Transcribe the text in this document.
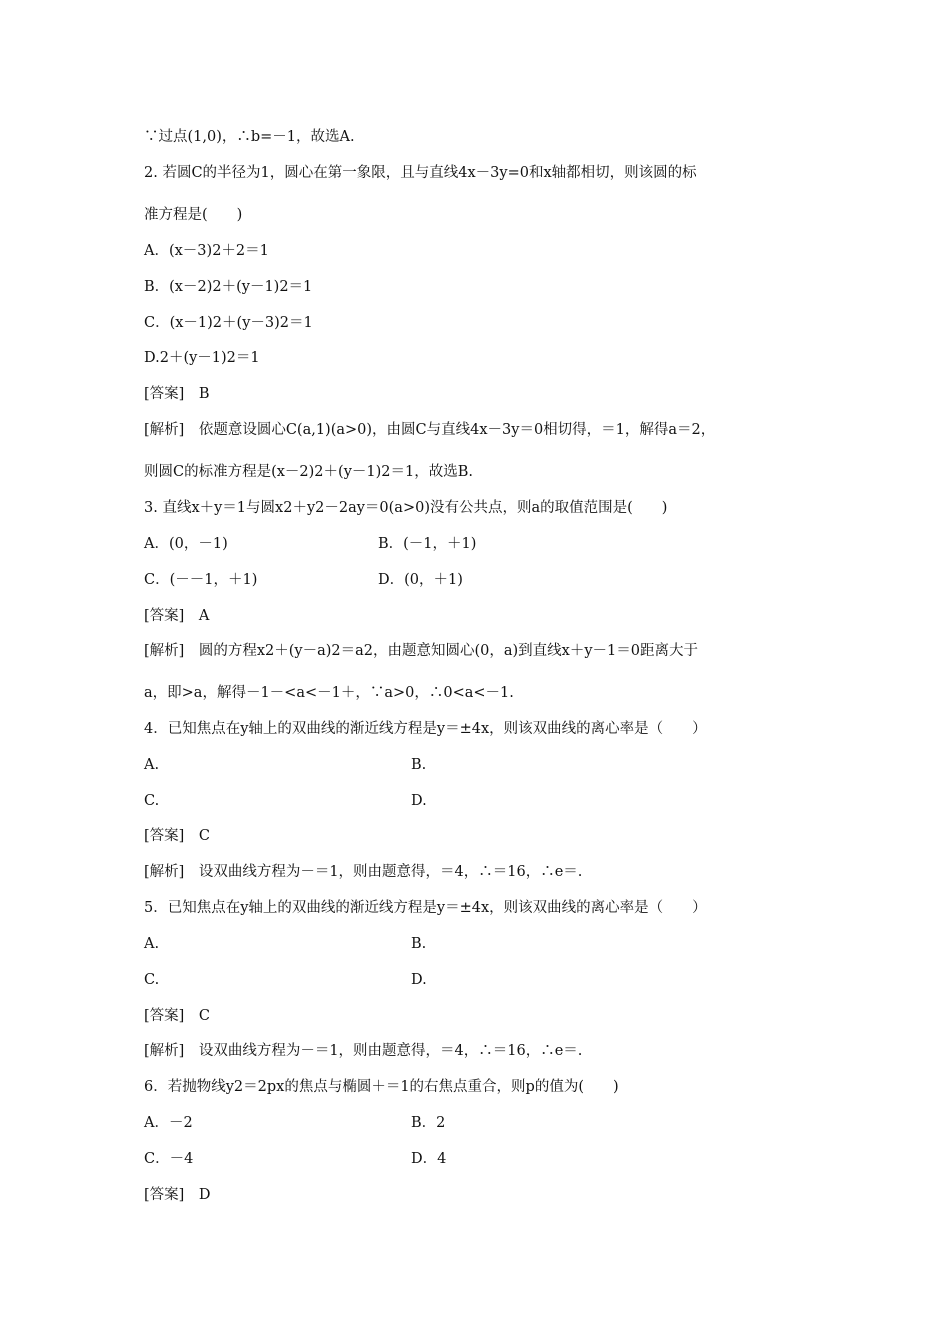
∵过点(1,0)，∴b=－1，故选A.
2. 若圆C的半径为1，圆心在第一象限，且与直线4x－3y=0和x轴都相切，则该圆的标
准方程是(　　)
A．(x－3)2＋2＝1
B．(x－2)2＋(y－1)2＝1
C．(x－1)2＋(y－3)2＝1
D.2＋(y－1)2＝1
[答案]　B
[解析]　依题意设圆心C(a,1)(a>0)，由圆C与直线4x－3y＝0相切得，＝1，解得a＝2，
则圆C的标准方程是(x－2)2＋(y－1)2＝1，故选B.
3. 直线x＋y＝1与圆x2＋y2－2ay＝0(a>0)没有公共点，则a的取值范围是(　　)
A．(0，－1)	B．(－1，＋1)
C．(－－1，＋1)	D．(0，＋1)
[答案]　A
[解析]　圆的方程x2＋(y－a)2＝a2，由题意知圆心(0，a)到直线x＋y－1＝0距离大于
a，即>a，解得－1－<a<－1＋，∵a>0，∴0<a<－1.
4．已知焦点在y轴上的双曲线的渐近线方程是y＝±4x，则该双曲线的离心率是（　　）
A.	B.
C.	D.
[答案]　C
[解析]　设双曲线方程为－＝1，则由题意得，＝4，∴＝16，∴e＝.
5．已知焦点在y轴上的双曲线的渐近线方程是y＝±4x，则该双曲线的离心率是（　　）
A.	B.
C.	D.
[答案]　C
[解析]　设双曲线方程为－＝1，则由题意得，＝4，∴＝16，∴e＝.
6．若抛物线y2＝2px的焦点与椭圆＋＝1的右焦点重合，则p的值为(　　)
A．－2	B．2
C．－4	D．4
[答案]　D
